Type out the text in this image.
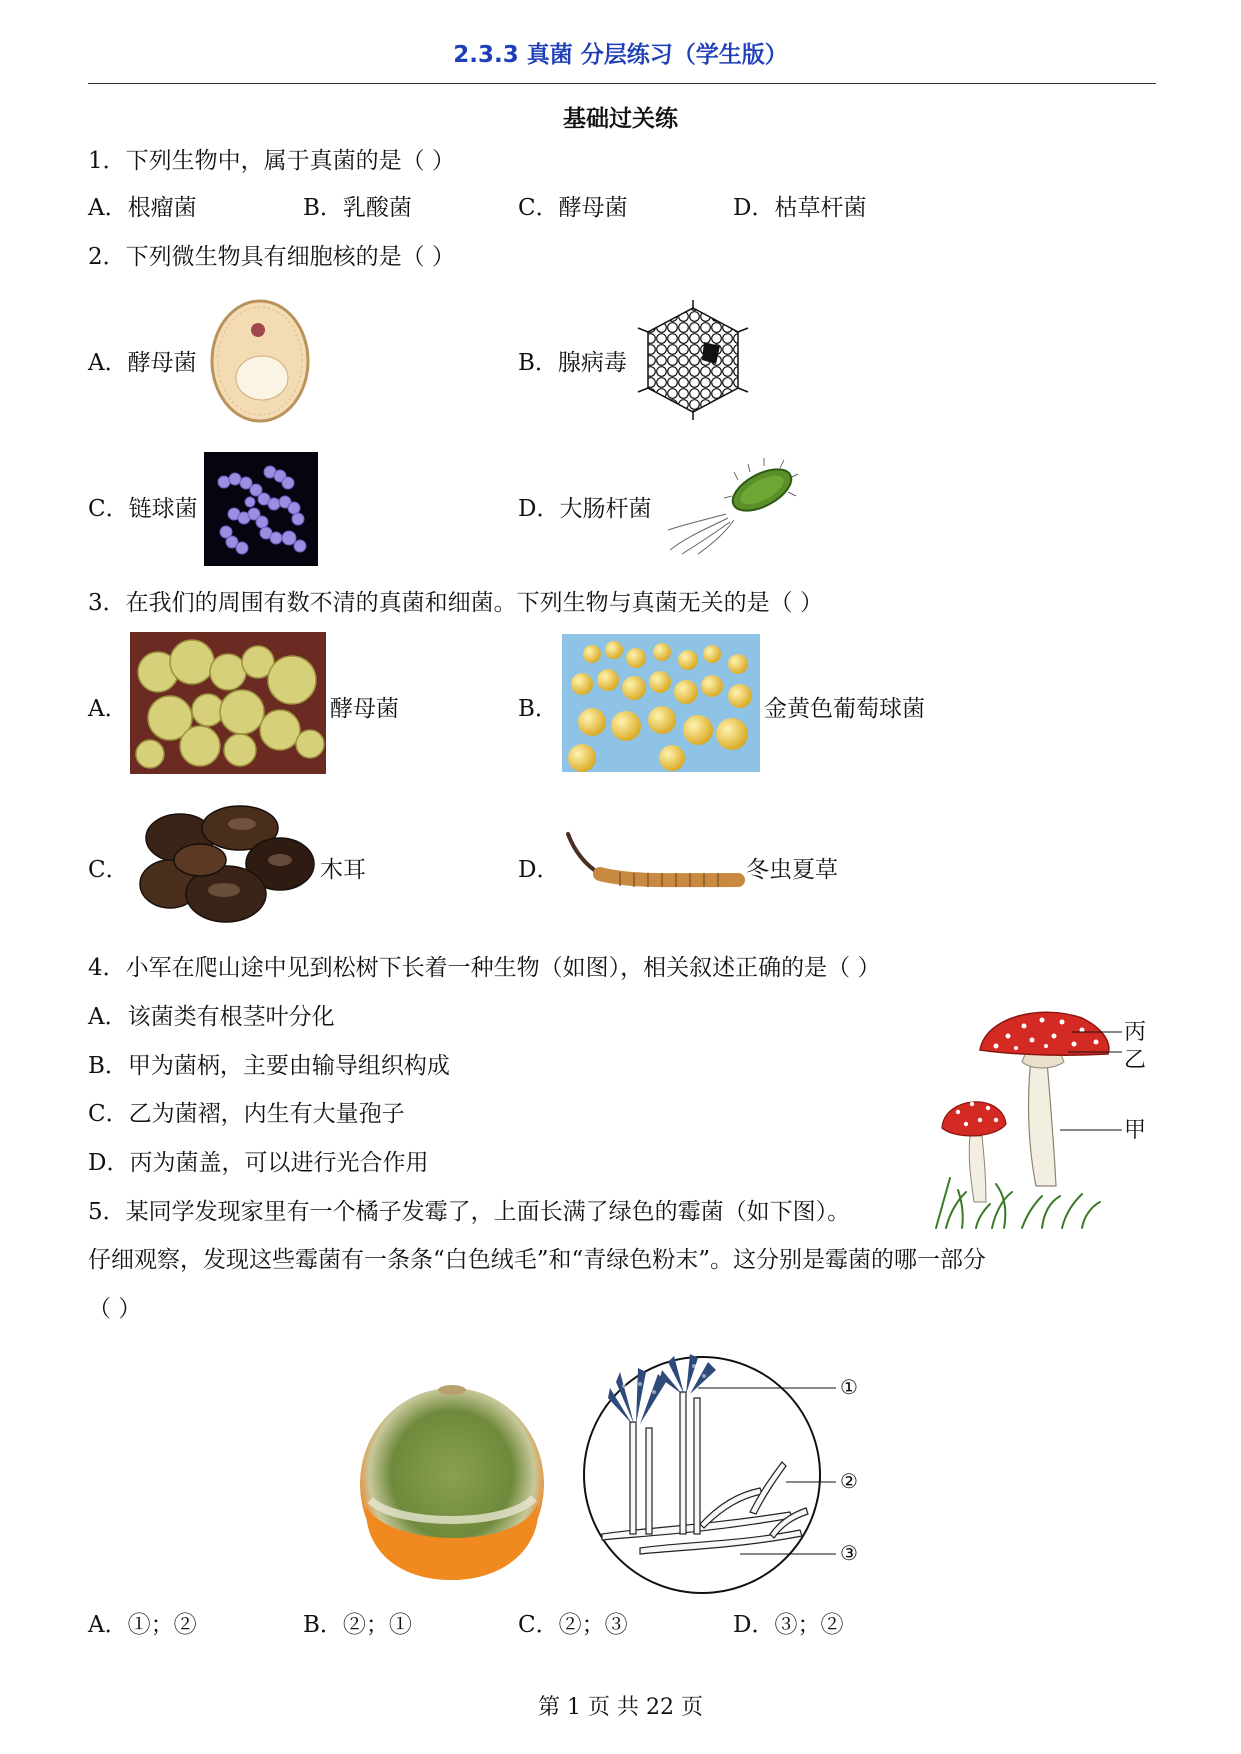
2.3.3 真菌 分层练习（学生版）
基础过关练
1．下列生物中，属于真菌的是（ ）
A．根瘤菌	B．乳酸菌	C．酵母菌	D．枯草杆菌
2．下列微生物具有细胞核的是（ ）
A．酵母菌	B．腺病毒
C．链球菌	D．大肠杆菌
3．在我们的周围有数不清的真菌和细菌。下列生物与真菌无关的是（ ）
A．	酵母菌	B．	金黄色葡萄球菌
C．	木耳	D．	冬虫夏草
4．小军在爬山途中见到松树下长着一种生物（如图），相关叙述正确的是（ ）
A．该菌类有根茎叶分化
B．甲为菌柄，主要由输导组织构成
C．乙为菌褶，内生有大量孢子
D．丙为菌盖，可以进行光合作用
丙
乙
甲
5．某同学发现家里有一个橘子发霉了，上面长满了绿色的霉菌（如下图）。
仔细观察，发现这些霉菌有一条条“白色绒毛”和“青绿色粉末”。这分别是霉菌的哪一部分
（ ）
①
②
③
A．①；②	B．②；①	C．②；③	D．③；②
第 1 页 共 22 页
